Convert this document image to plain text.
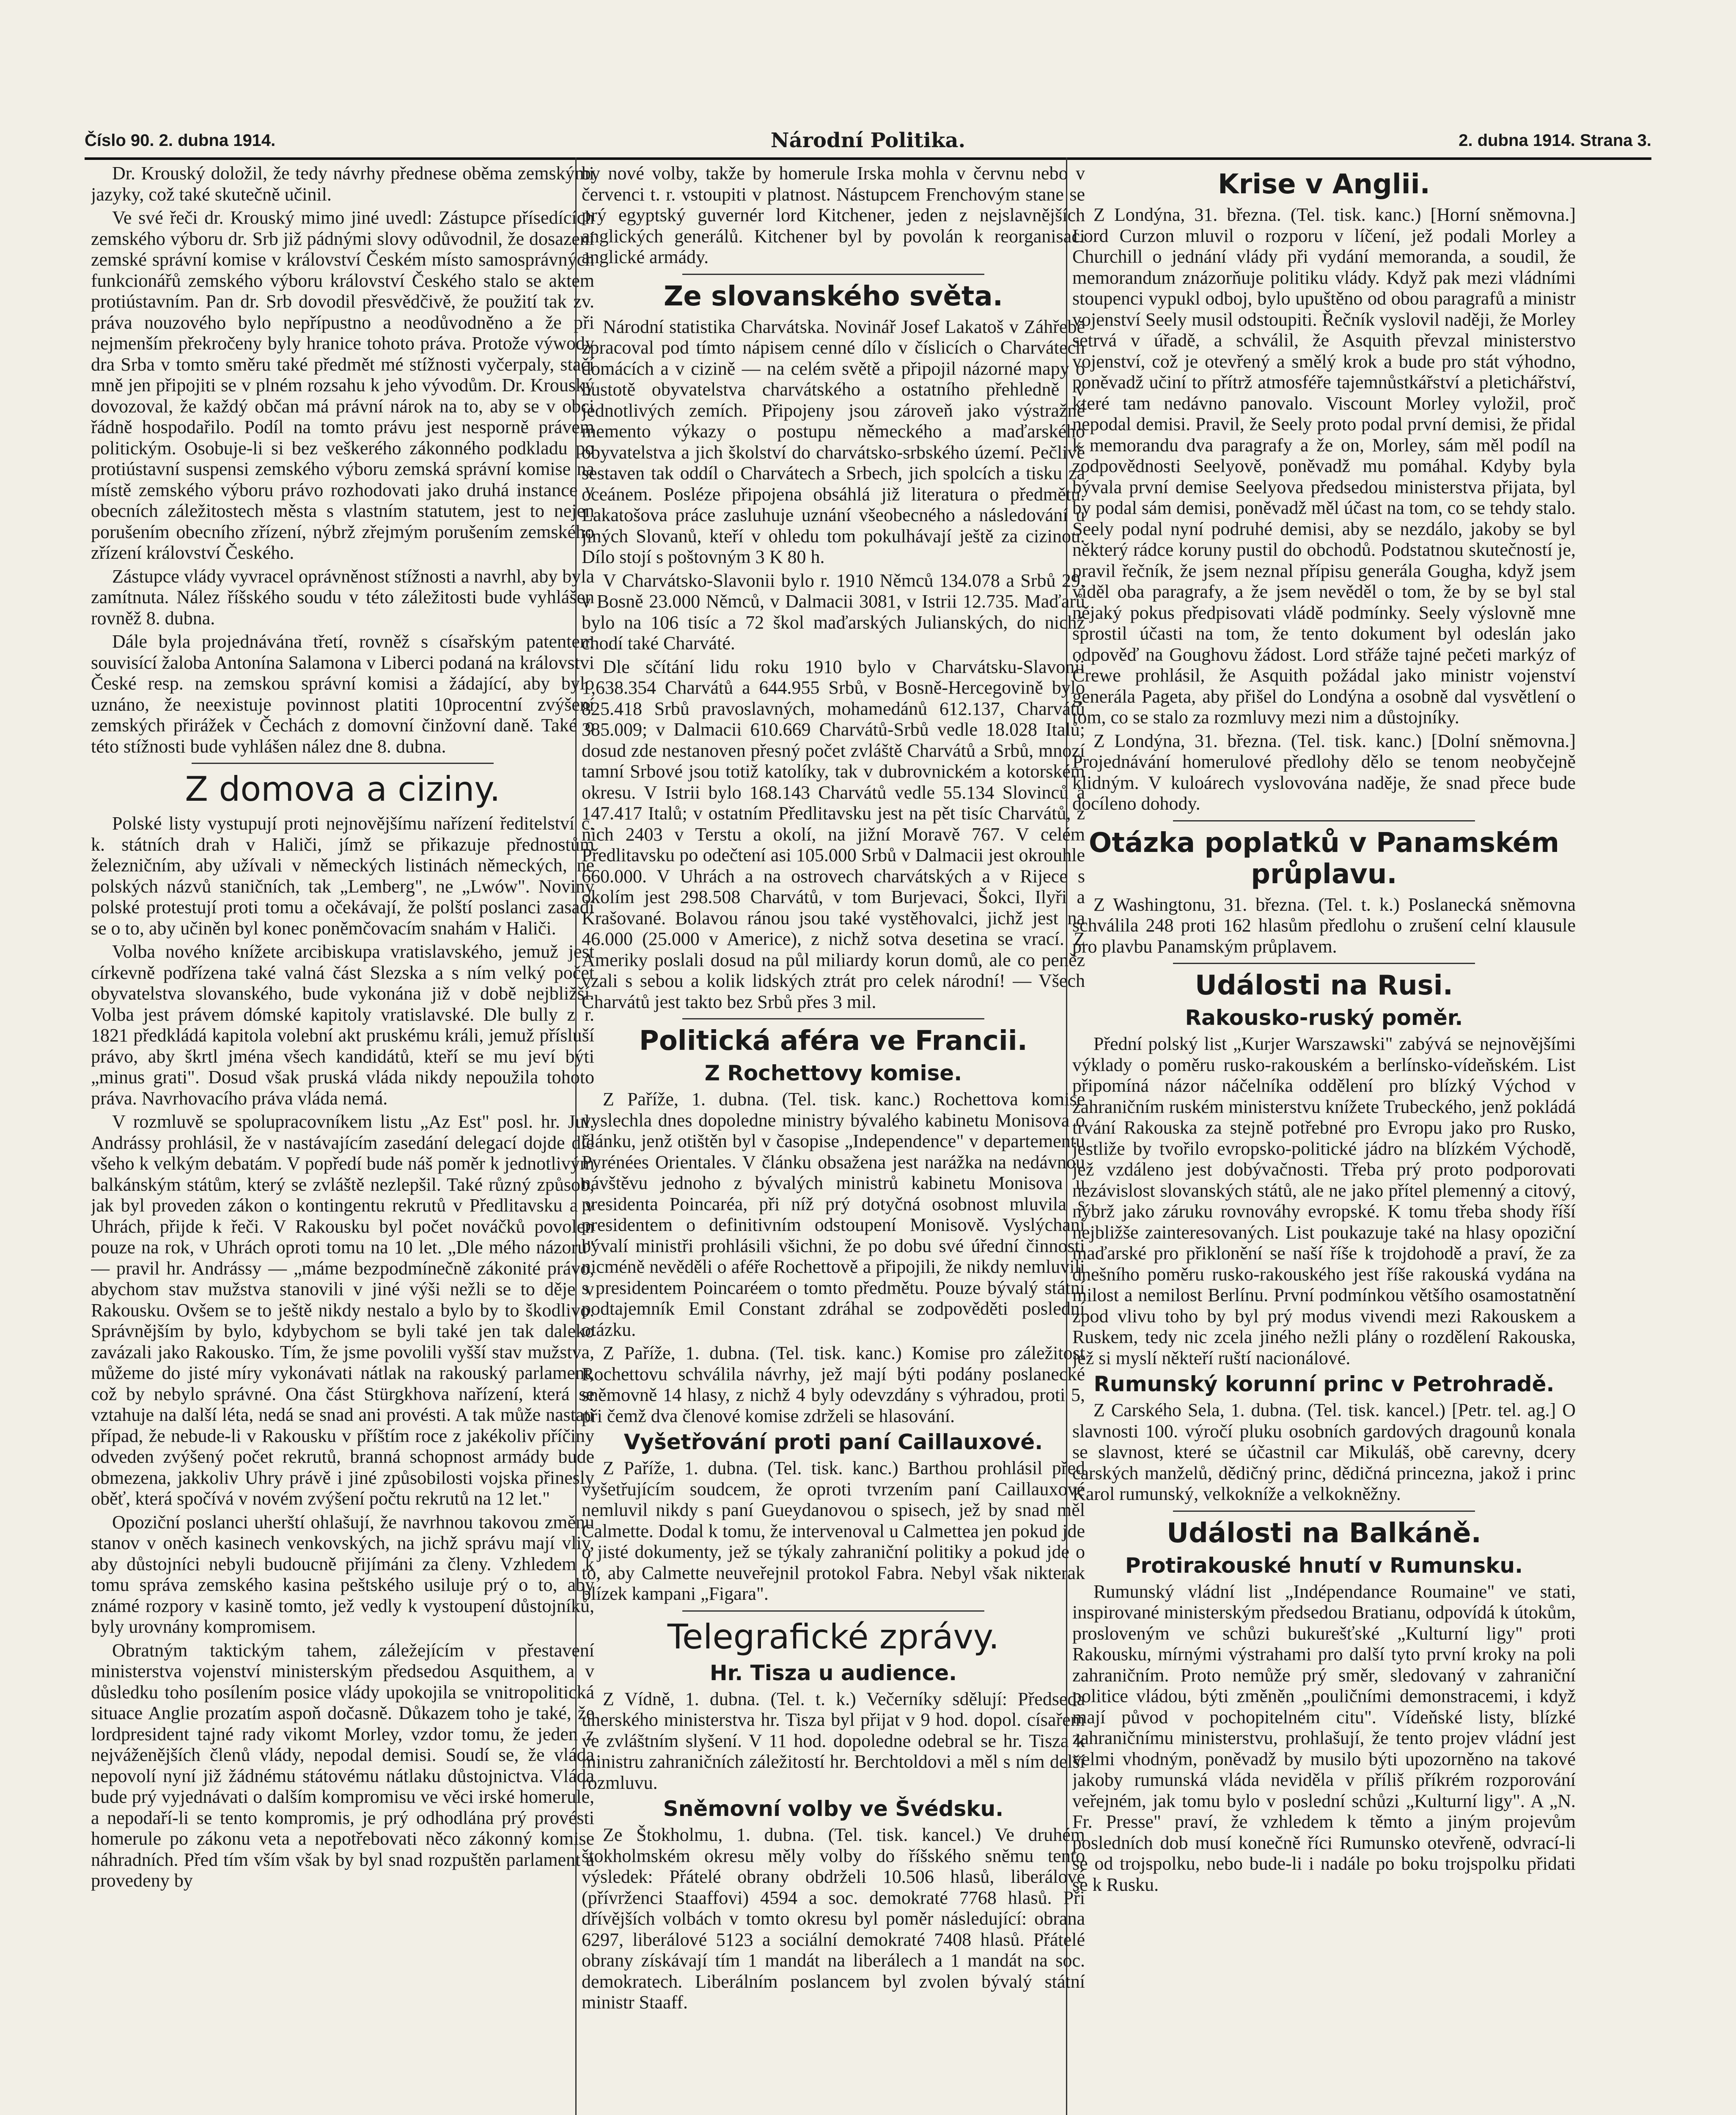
Číslo 90. 2. dubna 1914.	Národní Politika.	2. dubna 1914. Strana 3.

Dr. Krouský doložil, že tedy návrhy přednese oběma zemskými jazyky, což také skutečně učinil.

Ve své řeči dr. Krouský mimo jiné uvedl: Zástupce přísedících zemského výboru dr. Srb již pádnými slovy odůvodnil, že dosazení zemské správní komise v království Českém místo samosprávných funkcionářů zemského výboru království Českého stalo se aktem protiústavním. Pan dr. Srb dovodil přesvědčivě, že použití tak zv. práva nouzového bylo nepřípustno a neodůvodněno a že při nejmenším překročeny byly hranice tohoto práva. Protože výwody dra Srba v tomto směru také předmět mé stížnosti vyčerpaly, stačí mně jen připojiti se v plném rozsahu k jeho vývodům. Dr. Krouský dovozoval, že každý občan má právní nárok na to, aby se v obci řádně hospodařilo. Podíl na tomto právu jest nesporně právem politickým. Osobuje-li si bez veškerého zákonného podkladu po protiústavní suspensi zemského výboru zemská správní komise na místě zemského výboru právo rozhodovati jako druhá instance v obecních záležitostech města s vlastním statutem, jest to nejen porušením obecního zřízení, nýbrž zřejmým porušením zemského zřízení království Českého.

Zástupce vlády vyvracel oprávněnost stížnosti a navrhl, aby byla zamítnuta. Nález říšského soudu v této záležitosti bude vyhlášen rovněž 8. dubna.

Dále byla projednávána třetí, rovněž s císařským patentem souvisící žaloba Antonína Salamona v Liberci podaná na královstvi České resp. na zemskou správní komisi a žádající, aby bylo uznáno, že neexistuje povinnost platiti 10procentní zvýšení zemských přirážek v Čechách z domovní činžovní daně. Také o této stížnosti bude vyhlášen nález dne 8. dubna.

Z domova a ciziny.

Polské listy vystupují proti nejnovějšímu nařízení ředitelství c. k. státních drah v Haliči, jímž se přikazuje přednostům železničním, aby užívali v německých listinách německých, ne polských názvů staničních, tak „Lemberg", ne „Lwów". Noviny polské protestují proti tomu a očekávají, že polští poslanci zasadí se o to, aby učiněn byl konec poněmčovacím snahám v Haliči.

Volba nového knížete arcibiskupa vratislavského, jemuž jest církevně podřízena také valná část Slezska a s ním velký počet obyvatelstva slovanského, bude vykonána již v době nejbližší. Volba jest právem dómské kapitoly vratislavské. Dle bully z r. 1821 předkládá kapitola volební akt pruskému králi, jemuž přísluší právo, aby škrtl jména všech kandidátů, kteří se mu jeví býti „minus grati". Dosud však pruská vláda nikdy nepoužila tohoto práva. Navrhovacího práva vláda nemá.

V rozmluvě se spolupracovníkem listu „Az Est" posl. hr. Jul. Andrássy prohlásil, že v nastávajícím zasedání delegací dojde dle všeho k velkým debatám. V popředí bude náš poměr k jednotlivým balkánským státům, který se zvláště nezlepšil. Také různý způsob, jak byl proveden zákon o kontingentu rekrutů v Předlitavsku a v Uhrách, přijde k řeči. V Rakousku byl počet nováčků povolen pouze na rok, v Uhrách oproti tomu na 10 let. „Dle mého názoru" — pravil hr. Andrássy — „máme bezpodmínečně zákonité právo, abychom stav mužstva stanovili v jiné výši nežli se to děje v Rakousku. Ovšem se to ještě nikdy nestalo a bylo by to škodlivo. Správnějším by bylo, kdybychom se byli také jen tak daleko zavázali jako Rakousko. Tím, že jsme povolili vyšší stav mužstva, můžeme do jisté míry vykonávati nátlak na rakouský parlament, což by nebylo správné. Ona část Stürgkhova nařízení, která se vztahuje na další léta, nedá se snad ani provésti. A tak může nastati případ, že nebude-li v Rakousku v příštím roce z jakékoliv příčiny odveden zvýšený počet rekrutů, branná schopnost armády bude obmezena, jakkoliv Uhry právě i jiné způsobilosti vojska přinesly oběť, která spočívá v novém zvýšení počtu rekrutů na 12 let."

Opoziční poslanci uherští ohlašují, že navrhnou takovou změnu stanov v oněch kasinech venkovských, na jichž správu mají vliv, aby důstojníci nebyli budoucně přijímáni za členy. Vzhledem k tomu správa zemského kasina peštského usiluje prý o to, aby známé rozpory v kasině tomto, jež vedly k vystoupení důstojníků, byly urovnány kompromisem.

Obratným taktickým tahem, záležejícím v přestavení ministerstva vojenství ministerským předsedou Asquithem, a v důsledku toho posílením posice vlády upokojila se vnitropolitická situace Anglie prozatím aspoň dočasně. Důkazem toho je také, že lordpresident tajné rady vikomt Morley, vzdor tomu, že jeden z nejváženějších členů vlády, nepodal demisi. Soudí se, že vláda nepovolí nyní již žádnému státovému nátlaku důstojnictva. Vláda bude prý vyjednávati o dalším kompromisu ve věci irské homerule, a nepodaří-li se tento kompromis, je prý odhodlána prý provésti homerule po zákonu veta a nepotřebovati něco zákonný komise náhradních. Před tím vším však by byl snad rozpuštěn parlament a provedeny by

by nové volby, takže by homerule Irska mohla v červnu nebo v červenci t. r. vstoupiti v platnost. Nástupcem Frenchovým stane se prý egyptský guvernér lord Kitchener, jeden z nejslavnějších anglických generálů. Kitchener byl by povolán k reorganisaci anglické armády.

Ze slovanského světa.

Národní statistika Charvátska. Novinář Josef Lakatoš v Záhřebě zpracoval pod tímto nápisem cenné dílo v číslicích o Charvátech domácích a v cizině — na celém světě a připojil názorné mapy o hustotě obyvatelstva charvátského a ostatního přehledně v jednotlivých zemích. Připojeny jsou zároveň jako výstražné memento výkazy o postupu německého a maďarského obyvatelstva a jich školství do charvátsko-srbského území. Pečlivě sestaven tak oddíl o Charvátech a Srbech, jich spolcích a tisku za oceánem. Posléze připojena obsáhlá již literatura o předmětu. Lakatošova práce zasluhuje uznání všeobecného a následování u jiných Slovanů, kteří v ohledu tom pokulhávají ještě za cizinou. Dílo stojí s poštovným 3 K 80 h.

V Charvátsko-Slavonii bylo r. 1910 Němců 134.078 a Srbů 29, v Bosně 23.000 Němců, v Dalmacii 3081, v Istrii 12.735. Maďarů bylo na 106 tisíc a 72 škol maďarských Julianských, do nichž chodí také Charváté.

Dle sčítání lidu roku 1910 bylo v Charvátsku-Slavonii 1,638.354 Charvátů a 644.955 Srbů, v Bosně-Hercegovině bylo 825.418 Srbů pravoslavných, mohamedánů 612.137, Charvátů 385.009; v Dalmacii 610.669 Charvátů-Srbů vedle 18.028 Italů; dosud zde nestanoven přesný počet zvláště Charvátů a Srbů, mnozí tamní Srbové jsou totiž katolíky, tak v dubrovnickém a kotorském okresu. V Istrii bylo 168.143 Charvátů vedle 55.134 Slovinců a 147.417 Italů; v ostatním Předlitavsku jest na pět tisíc Charvátů, z nich 2403 v Terstu a okolí, na jižní Moravě 767. V celém Předlitavsku po odečtení asi 105.000 Srbů v Dalmacii jest okrouhle 660.000. V Uhrách a na ostrovech charvátských a v Rijece s okolím jest 298.508 Charvátů, v tom Burjevaci, Šokci, Ilyři a Krašované. Bolavou ránou jsou také vystěhovalci, jichž jest na 46.000 (25.000 v Americe), z nichž sotva desetina se vrací. Z Ameriky poslali dosud na půl miliardy korun domů, ale co peněz vzali s sebou a kolik lidských ztrát pro celek národní! — Všech Charvátů jest takto bez Srbů přes 3 mil.

Politická aféra ve Francii.
Z Rochettovy komise.

Z Paříže, 1. dubna. (Tel. tisk. kanc.) Rochettova komise vyslechla dnes dopoledne ministry bývalého kabinetu Monisova o článku, jenž otištěn byl v časopise „Independence" v departementu Pyrénées Orientales. V článku obsažena jest narážka na nedávnou návštěvu jednoho z bývalých ministrů kabinetu Monisova u presidenta Poincaréa, při níž prý dotyčná osobnost mluvila s presidentem o definitivním odstoupení Monisově. Vyslýchaní bývalí ministři prohlásili všichni, že po dobu své úřední činnosti nicméně nevěděli o aféře Rochettově a připojili, že nikdy nemluvili s presidentem Poincaréem o tomto předmětu. Pouze bývalý státní podtajemník Emil Constant zdráhal se zodpověděti poslední otázku.

Z Paříže, 1. dubna. (Tel. tisk. kanc.) Komise pro záležitost Rochettovu schválila návrhy, jež mají býti podány poslanecké sněmovně 14 hlasy, z nichž 4 byly odevzdány s výhradou, proti 5, při čemž dva členové komise zdrželi se hlasování.

Vyšetřování proti paní Caillauxové.

Z Paříže, 1. dubna. (Tel. tisk. kanc.) Barthou prohlásil před vyšetřujícím soudcem, že oproti tvrzením paní Caillauxové nemluvil nikdy s paní Gueydanovou o spisech, jež by snad měl Calmette. Dodal k tomu, že intervenoval u Calmettea jen pokud jde o jisté dokumenty, jež se týkaly zahraniční politiky a pokud jde o to, aby Calmette neuveřejnil protokol Fabra. Nebyl však nikterak blízek kampani „Figara".

Telegrafické zprávy.
Hr. Tisza u audience.

Z Vídně, 1. dubna. (Tel. t. k.) Večerníky sdělují: Předseda uherského ministerstva hr. Tisza byl přijat v 9 hod. dopol. císařem ve zvláštním slyšení. V 11 hod. dopoledne odebral se hr. Tisza k ministru zahraničních záležitostí hr. Berchtoldovi a měl s ním delší rozmluvu.

Sněmovní volby ve Švédsku.

Ze Štokholmu, 1. dubna. (Tel. tisk. kancel.) Ve druhém štokholmském okresu měly volby do říšského sněmu tento výsledek: Přátelé obrany obdrželi 10.506 hlasů, liberálové (přívrženci Staaffovi) 4594 a soc. demokraté 7768 hlasů. Při dřívějších volbách v tomto okresu byl poměr následující: obrana 6297, liberálové 5123 a sociální demokraté 7408 hlasů. Přátelé obrany získávají tím 1 mandát na liberálech a 1 mandát na soc. demokratech. Liberálním poslancem byl zvolen bývalý státní ministr Staaff.

Krise v Anglii.

Z Londýna, 31. března. (Tel. tisk. kanc.) [Horní sněmovna.] Lord Curzon mluvil o rozporu v líčení, jež podali Morley a Churchill o jednání vlády při vydání memoranda, a soudil, že memorandum znázorňuje politiku vlády. Když pak mezi vládními stoupenci vypukl odboj, bylo upuštěno od obou paragrafů a ministr vojenství Seely musil odstoupiti. Řečník vyslovil naději, že Morley setrvá v úřadě, a schválil, že Asquith převzal ministerstvo vojenství, což je otevřený a smělý krok a bude pro stát výhodno, poněvadž učiní to přítrž atmosféře tajemnůstkářství a pletichářství, které tam nedávno panovalo. Viscount Morley vyložil, proč nepodal demisi. Pravil, že Seely proto podal první demisi, že přidal k memorandu dva paragrafy a že on, Morley, sám měl podíl na zodpovědnosti Seelyově, poněvadž mu pomáhal. Kdyby byla bývala první demise Seelyova předsedou ministerstva přijata, byl by podal sám demisi, poněvadž měl účast na tom, co se tehdy stalo. Seely podal nyní podruhé demisi, aby se nezdálo, jakoby se byl některý rádce koruny pustil do obchodů. Podstatnou skutečností je, pravil řečník, že jsem neznal přípisu generála Gougha, když jsem viděl oba paragrafy, a že jsem nevěděl o tom, že by se byl stal nějaký pokus předpisovati vládě podmínky. Seely výslovně mne sprostil účasti na tom, že tento dokument byl odeslán jako odpověď na Goughovu žádost. Lord střáže tajné pečeti markýz of Crewe prohlásil, že Asquith požádal jako ministr vojenství generála Pageta, aby přišel do Londýna a osobně dal vysvětlení o tom, co se stalo za rozmluvy mezi nim a důstojníky.

Z Londýna, 31. března. (Tel. tisk. kanc.) [Dolní sněmovna.] Projednávání homerulové předlohy dělo se tenom neobyčejně klidným. V kuloárech vyslovována naděje, že snad přece bude docíleno dohody.

Otázka poplatků v Panamském průplavu.

Z Washingtonu, 31. března. (Tel. t. k.) Poslanecká sněmovna schválila 248 proti 162 hlasům předlohu o zrušení celní klausule pro plavbu Panamským průplavem.

Události na Rusi.
Rakousko-ruský poměr.

Přední polský list „Kurjer Warszawski" zabývá se nejnovějšími výklady o poměru rusko-rakouském a berlínsko-vídeňském. List připomíná názor náčelníka oddělení pro blízký Východ v zahraničním ruském ministerstvu knížete Trubeckého, jenž pokládá trvání Rakouska za stejně potřebné pro Evropu jako pro Rusko, jestliže by tvořilo evropsko-politické jádro na blízkém Východě, jež vzdáleno jest dobývačnosti. Třeba prý proto podporovati nezávislost slovanských států, ale ne jako přítel plemenný a citový, nýbrž jako záruku rovnováhy evropské. K tomu třeba shody říší nejbližše zainteresovaných. List poukazuje také na hlasy opoziční maďarské pro přiklonění se naší říše k trojdohodě a praví, že za dnešního poměru rusko-rakouského jest říše rakouská vydána na milost a nemilost Berlínu. První podmínkou většího osamostatnění zpod vlivu toho by byl prý modus vivendi mezi Rakouskem a Ruskem, tedy nic zcela jiného nežli plány o rozdělení Rakouska, jež si myslí někteří ruští nacionálové.

Rumunský korunní princ v Petrohradě.

Z Carského Sela, 1. dubna. (Tel. tisk. kancel.) [Petr. tel. ag.] O slavnosti 100. výročí pluku osobních gardových dragounů konala se slavnost, které se účastnil car Mikuláš, obě carevny, dcery carských manželů, dědičný princ, dědičná princezna, jakož i princ Karol rumunský, velkokníže a velkokněžny.

Události na Balkáně.
Protirakouské hnutí v Rumunsku.

Rumunský vládní list „Indépendance Roumaine" ve stati, inspirované ministerským předsedou Bratianu, odpovídá k útokům, prosloveným ve schůzi bukurešťské „Kulturní ligy" proti Rakousku, mírnými výstrahami pro další tyto první kroky na poli zahraničním. Proto nemůže prý směr, sledovaný v zahraniční politice vládou, býti změněn „pouličními demonstracemi, i když mají původ v pochopitelném citu". Vídeňské listy, blízké zahraničnímu ministerstvu, prohlašují, že tento projev vládní jest velmi vhodným, poněvadž by musilo býti upozorněno na takové jakoby rumunská vláda neviděla v příliš příkrém rozporování veřejném, jak tomu bylo v poslední schůzi „Kulturní ligy". A „N. Fr. Presse" praví, že vzhledem k těmto a jiným projevům posledních dob musí konečně říci Rumunsko otevřeně, odvrací-li se od trojspolku, nebo bude-li i nadále po boku trojspolku přidati se k Rusku.
